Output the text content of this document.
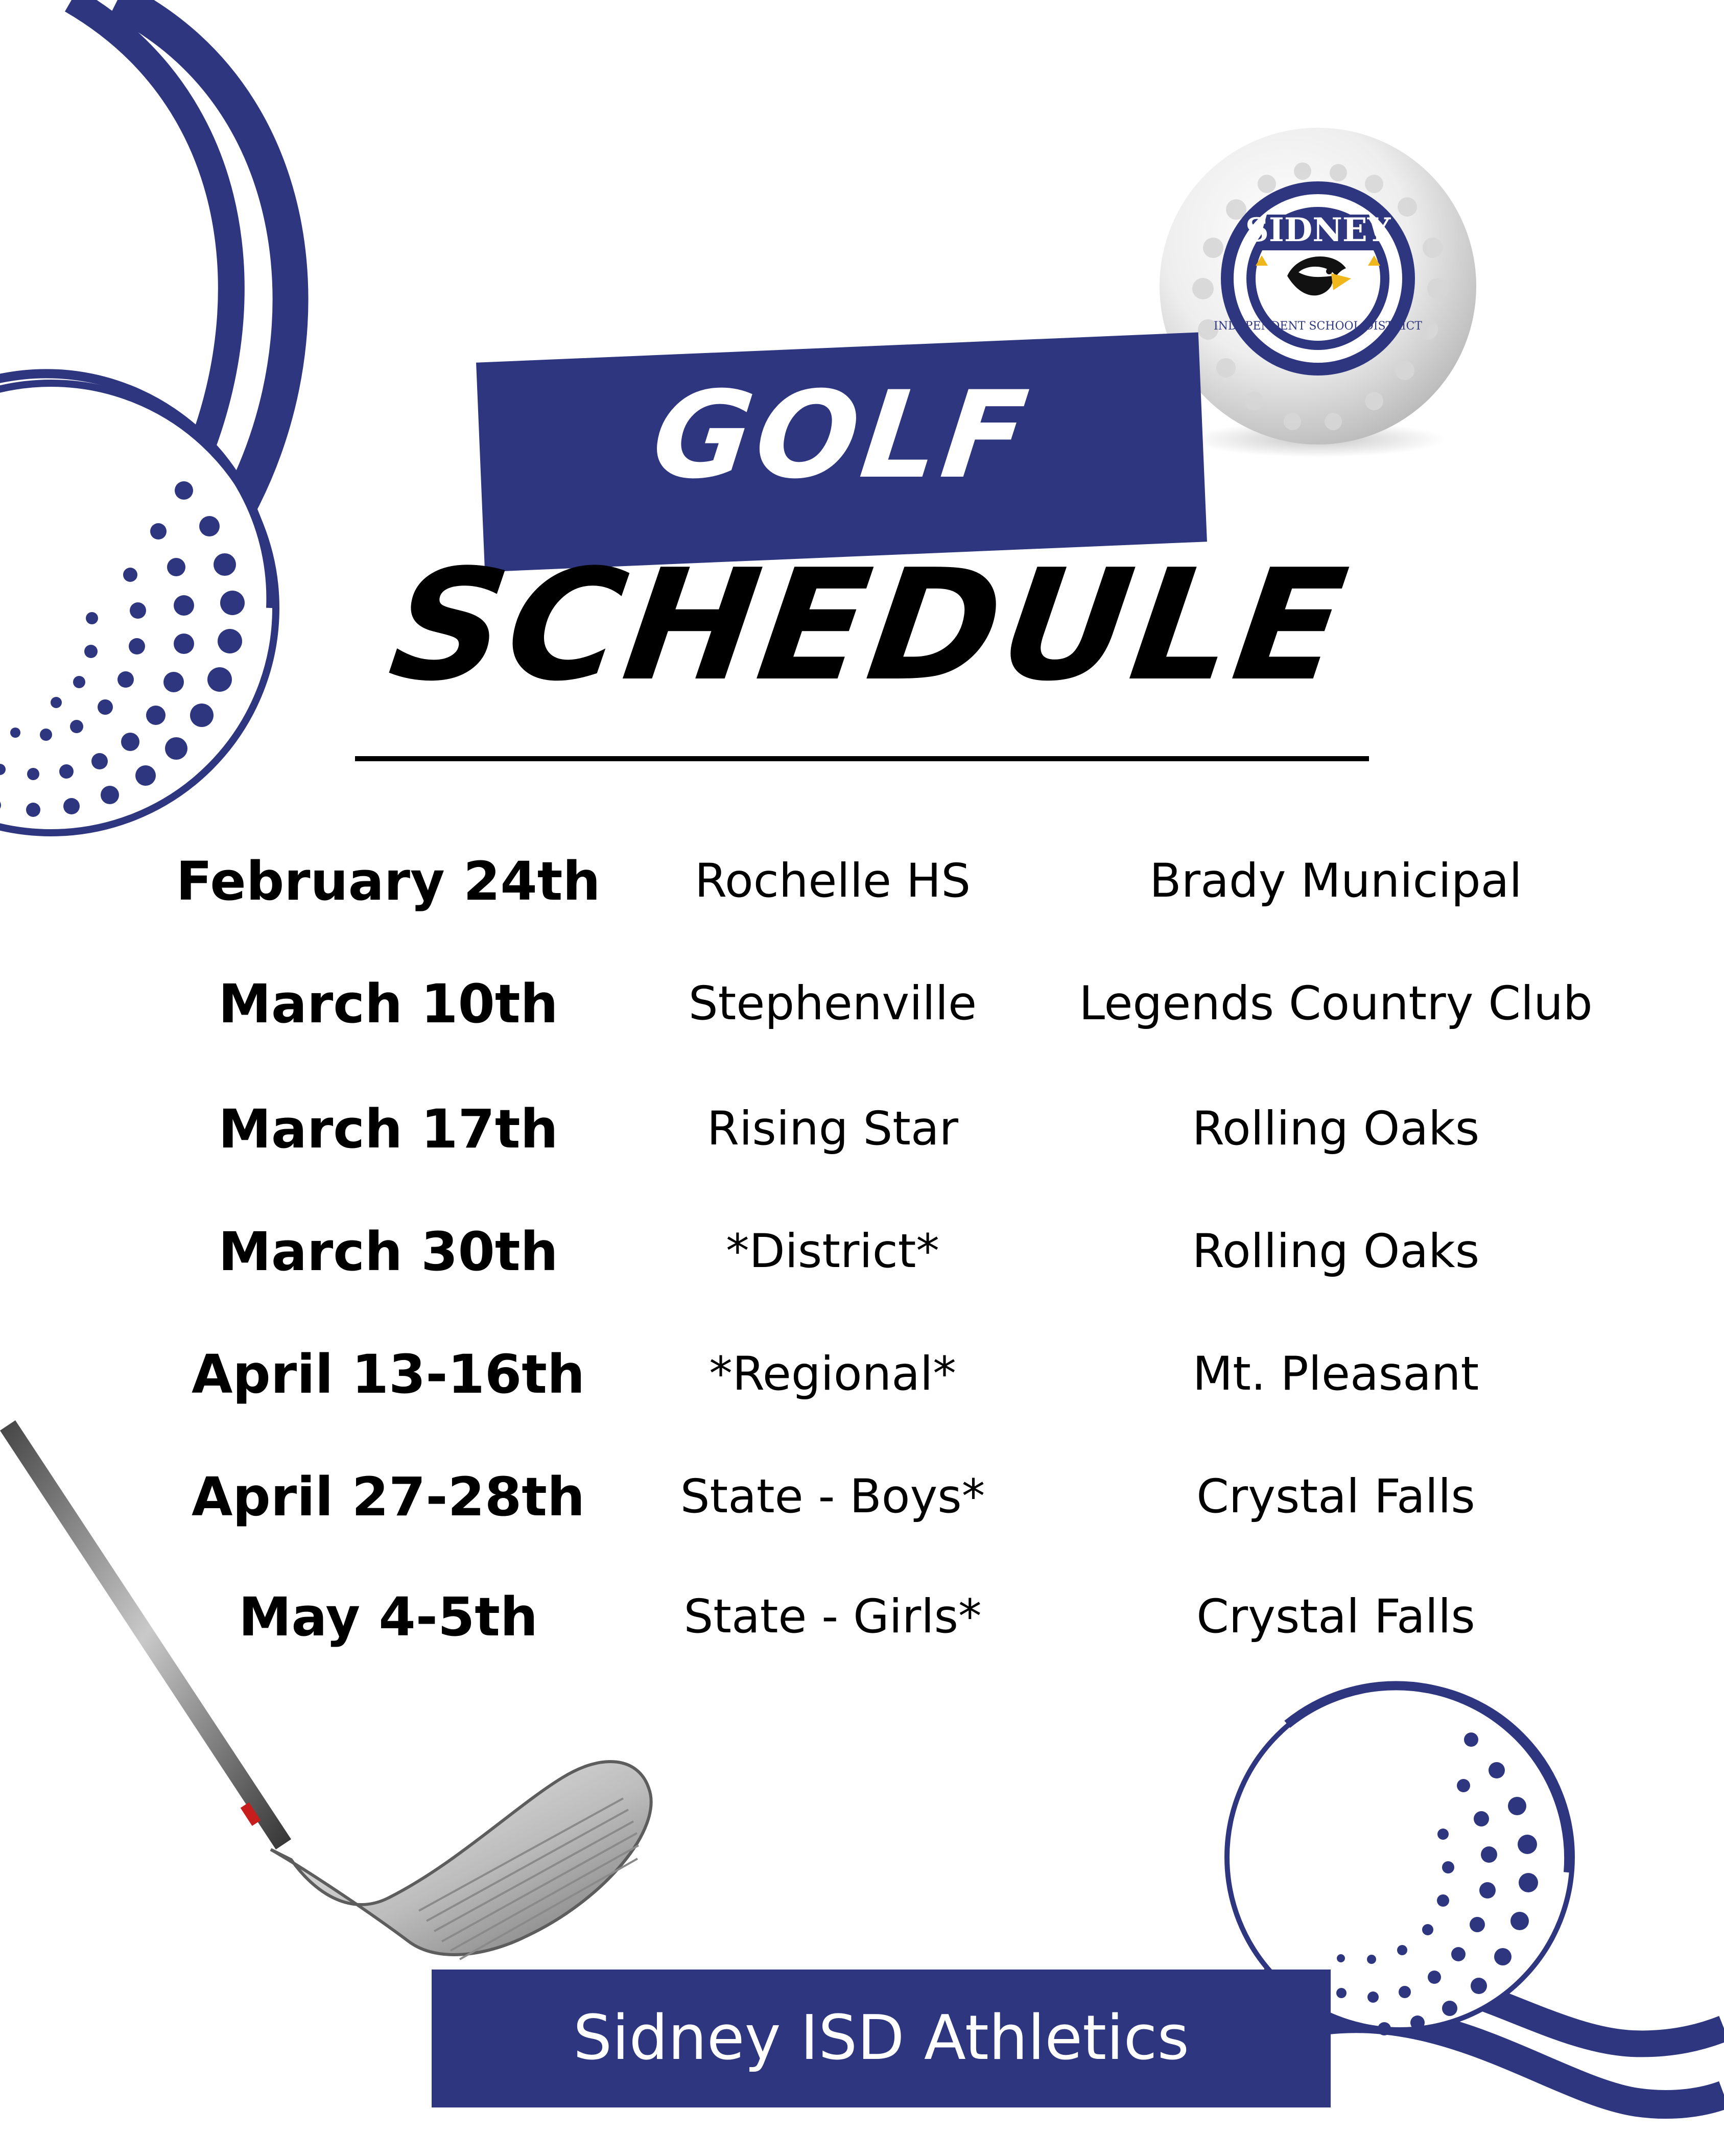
SIDNEY
INDEPENDENT SCHOOL DISTRICT
GOLF
SCHEDULE
February 24th	Rochelle HS	Brady Municipal
March 10th	Stephenville	Legends Country Club
March 17th	Rising Star	Rolling Oaks
March 30th	*District*	Rolling Oaks
April 13-16th	*Regional*	Mt. Pleasant
April 27-28th	State - Boys*	Crystal Falls
May 4-5th	State - Girls*	Crystal Falls
Sidney ISD Athletics
